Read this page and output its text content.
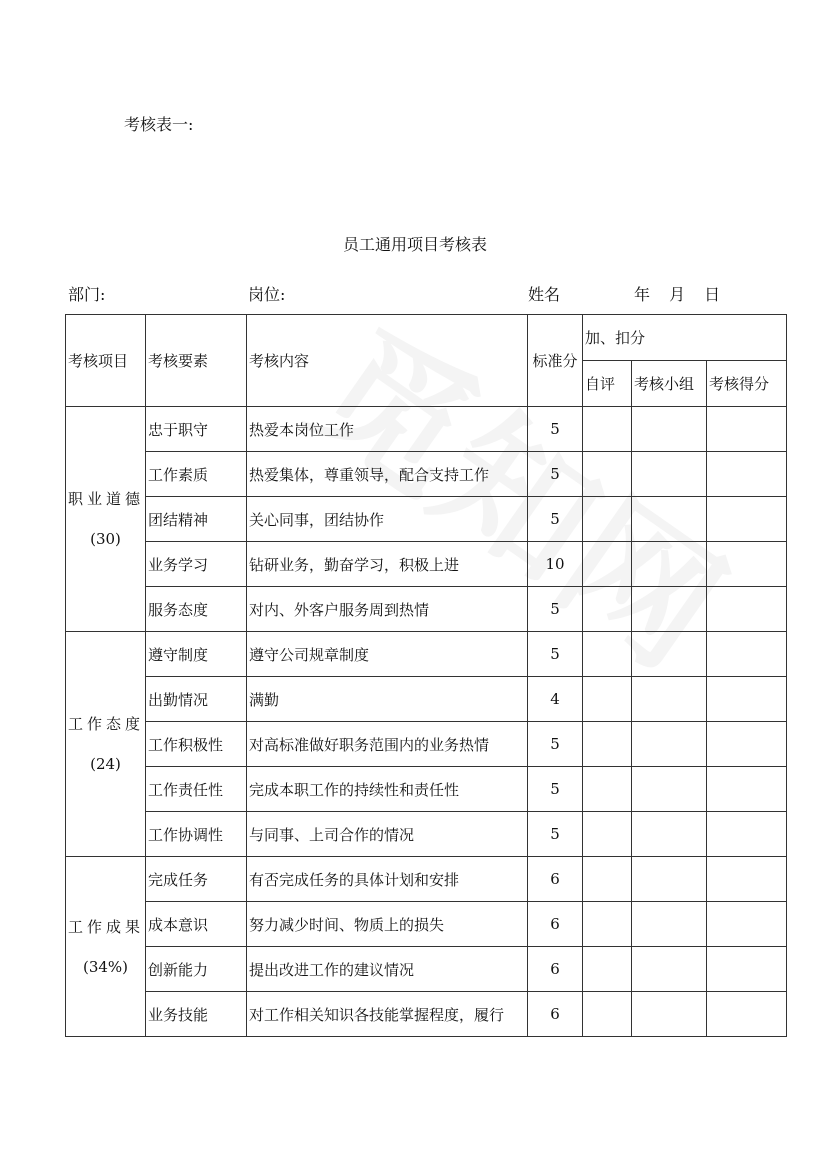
考核表一:
员工通用项目考核表
部门:	岗位:	姓名	年 月 日
考核项目	考核要素	考核内容	标准分	加、扣分		
				自评	考核小组	考核得分

职业道德
(30)	忠于职守	热爱本岗位工作	5			
	工作素质	热爱集体，尊重领导，配合支持工作	5			
	团结精神	关心同事，团结协作	5			
	业务学习	钻研业务，勤奋学习，积极上进	10			
	服务态度	对内、外客户服务周到热情	5			

工作态度
(24)	遵守制度	遵守公司规章制度	5			
	出勤情况	满勤	4			
	工作积极性	对高标准做好职务范围内的业务热情	5			
	工作责任性	完成本职工作的持续性和责任性	5			
	工作协调性	与同事、上司合作的情况	5			

工作成果
(34%)	完成任务	有否完成任务的具体计划和安排	6			
	成本意识	努力减少时间、物质上的损失	6			
	创新能力	提出改进工作的建议情况	6			
	业务技能	对工作相关知识各技能掌握程度，履行	6			
